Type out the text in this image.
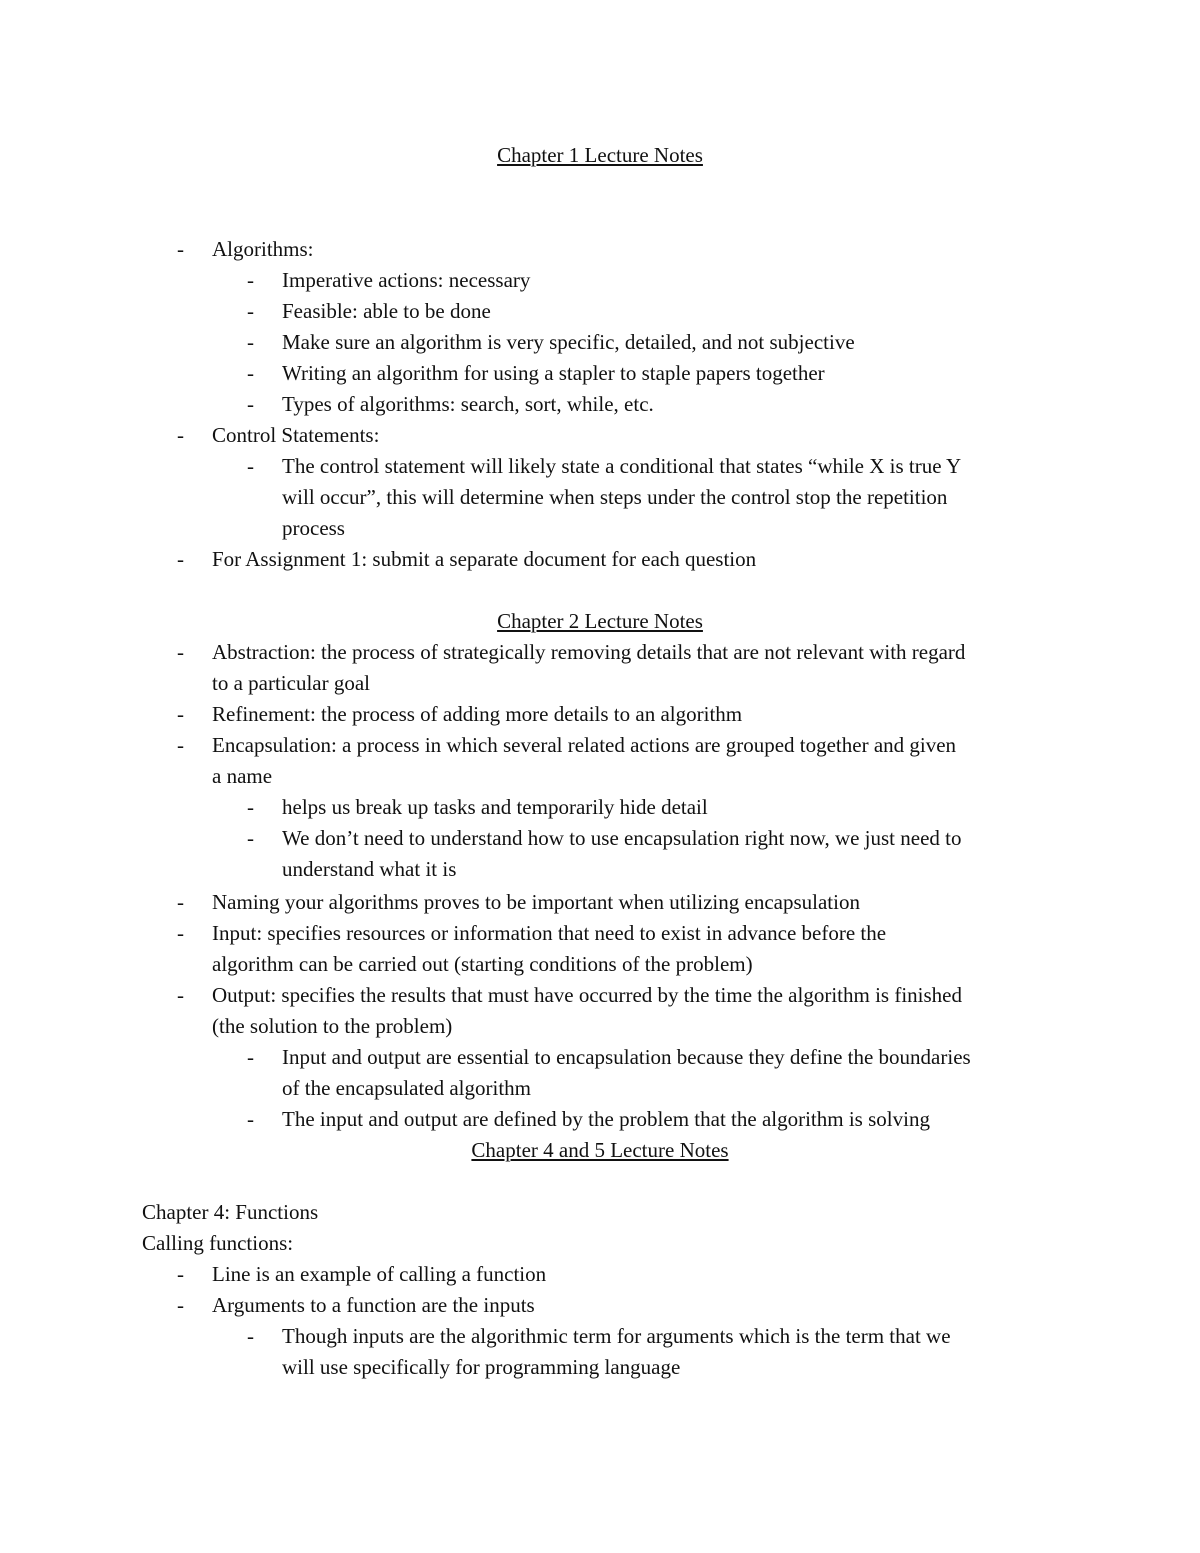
Chapter 1 Lecture Notes
- Algorithms:
- Imperative actions: necessary
- Feasible: able to be done
- Make sure an algorithm is very specific, detailed, and not subjective
- Writing an algorithm for using a stapler to staple papers together
- Types of algorithms: search, sort, while, etc.
- Control Statements:
- The control statement will likely state a conditional that states “while X is true Y
will occur”, this will determine when steps under the control stop the repetition
process
- For Assignment 1: submit a separate document for each question
Chapter 2 Lecture Notes
- Abstraction: the process of strategically removing details that are not relevant with regard
to a particular goal
- Refinement: the process of adding more details to an algorithm
- Encapsulation: a process in which several related actions are grouped together and given
a name
- helps us break up tasks and temporarily hide detail
- We don’t need to understand how to use encapsulation right now, we just need to
understand what it is
- Naming your algorithms proves to be important when utilizing encapsulation
- Input: specifies resources or information that need to exist in advance before the
algorithm can be carried out (starting conditions of the problem)
- Output: specifies the results that must have occurred by the time the algorithm is finished
(the solution to the problem)
- Input and output are essential to encapsulation because they define the boundaries
of the encapsulated algorithm
- The input and output are defined by the problem that the algorithm is solving
Chapter 4 and 5 Lecture Notes
Chapter 4: Functions
Calling functions:
- Line is an example of calling a function
- Arguments to a function are the inputs
- Though inputs are the algorithmic term for arguments which is the term that we
will use specifically for programming language
